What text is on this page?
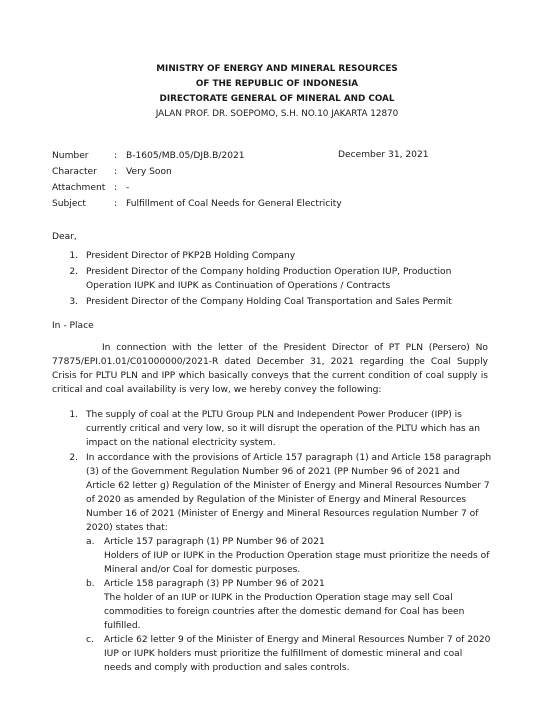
MINISTRY OF ENERGY AND MINERAL RESOURCES
OF THE REPUBLIC OF INDONESIA
DIRECTORATE GENERAL OF MINERAL AND COAL
JALAN PROF. DR. SOEPOMO, S.H. NO.10 JAKARTA 12870
December 31, 2021
Number	: B-1605/MB.05/DJB.B/2021
Character	: Very Soon
Attachment : -
Subject	: Fulfillment of Coal Needs for General Electricity
Dear,
1. President Director of PKP2B Holding Company
2. President Director of the Company holding Production Operation IUP, Production Operation IUPK and IUPK as Continuation of Operations / Contracts
3. President Director of the Company Holding Coal Transportation and Sales Permit
In - Place

In connection with the letter of the President Director of PT PLN (Persero) No 77875/EPI.01.01/C01000000/2021-R dated December 31, 2021 regarding the Coal Supply Crisis for PLTU PLN and IPP which basically conveys that the current condition of coal supply is critical and coal availability is very low, we hereby convey the following:

1. The supply of coal at the PLTU Group PLN and Independent Power Producer (IPP) is currently critical and very low, so it will disrupt the operation of the PLTU which has an impact on the national electricity system.
2. In accordance with the provisions of Article 157 paragraph (1) and Article 158 paragraph (3) of the Government Regulation Number 96 of 2021 (PP Number 96 of 2021 and Article 62 letter g) Regulation of the Minister of Energy and Mineral Resources Number 7 of 2020 as amended by Regulation of the Minister of Energy and Mineral Resources Number 16 of 2021 (Minister of Energy and Mineral Resources regulation Number 7 of 2020) states that:
a.	Article 157 paragraph (1) PP Number 96 of 2021
Holders of IUP or IUPK in the Production Operation stage must prioritize the needs of Mineral and/or Coal for domestic purposes.
b.	Article 158 paragraph (3) PP Number 96 of 2021
The holder of an IUP or IUPK in the Production Operation stage may sell Coal commodities to foreign countries after the domestic demand for Coal has been fulfilled.
c.	Article 62 letter 9 of the Minister of Energy and Mineral Resources Number 7 of 2020
IUP or IUPK holders must prioritize the fulfillment of domestic mineral and coal needs and comply with production and sales controls.
